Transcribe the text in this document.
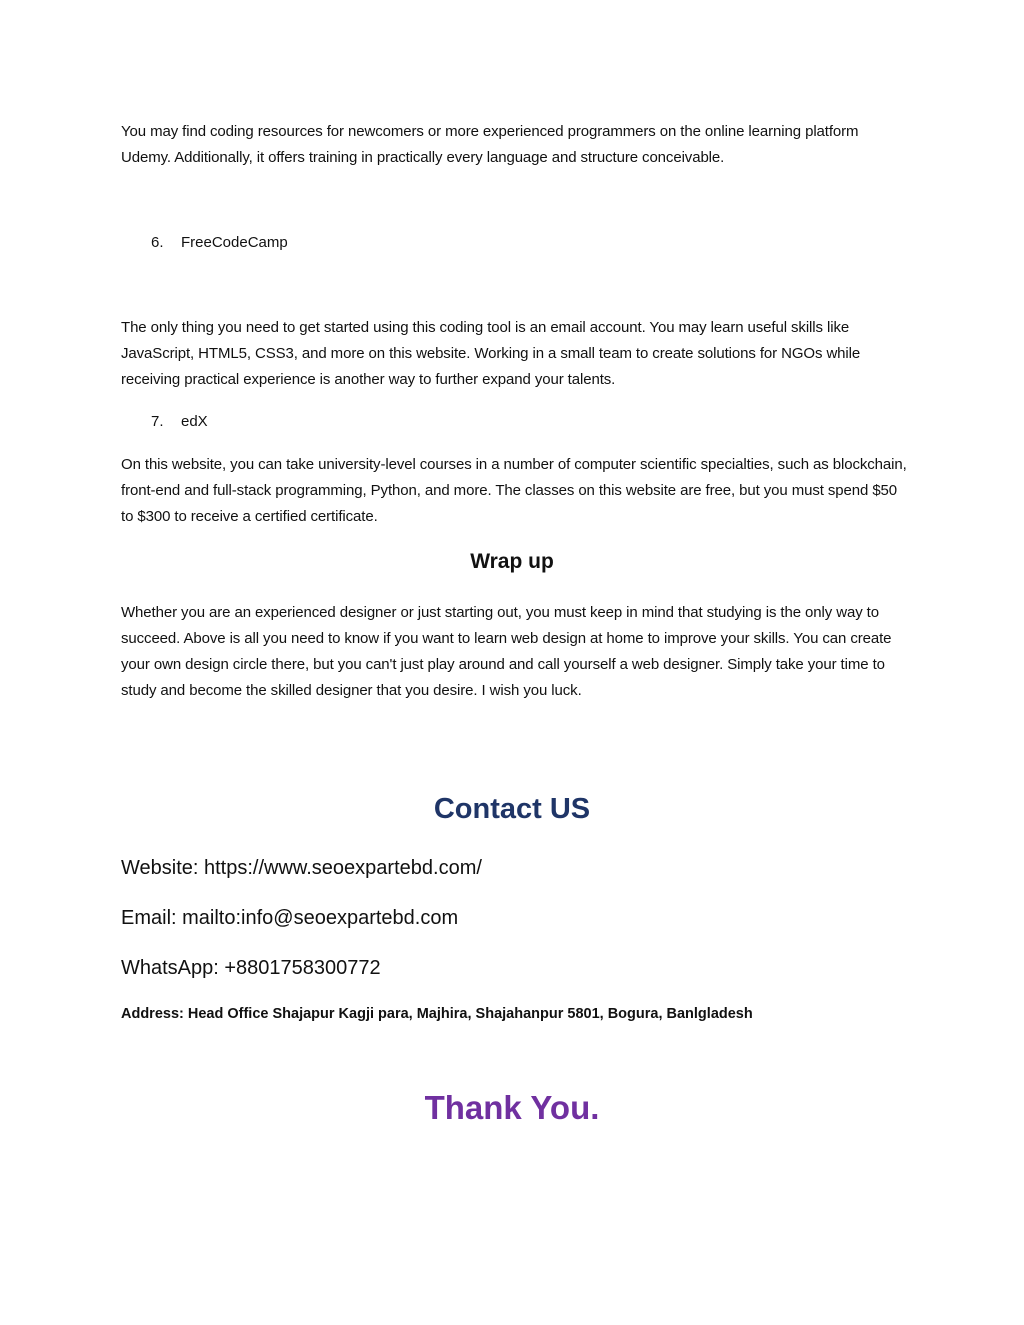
You may find coding resources for newcomers or more experienced programmers on the online learning platform Udemy. Additionally, it offers training in practically every language and structure conceivable.

6.	FreeCodeCamp

The only thing you need to get started using this coding tool is an email account. You may learn useful skills like JavaScript, HTML5, CSS3, and more on this website. Working in a small team to create solutions for NGOs while receiving practical experience is another way to further expand your talents.

7.	edX

On this website, you can take university-level courses in a number of computer scientific specialties, such as blockchain, front-end and full-stack programming, Python, and more. The classes on this website are free, but you must spend $50 to $300 to receive a certified certificate.

Wrap up

Whether you are an experienced designer or just starting out, you must keep in mind that studying is the only way to succeed. Above is all you need to know if you want to learn web design at home to improve your skills. You can create your own design circle there, but you can't just play around and call yourself a web designer. Simply take your time to study and become the skilled designer that you desire. I wish you luck.

Contact US

Website: https://www.seoexpartebd.com/

Email: mailto:info@seoexpartebd.com

WhatsApp: +8801758300772

Address: Head Office Shajapur Kagji para, Majhira, Shajahanpur 5801, Bogura, Banlgladesh

Thank You.
